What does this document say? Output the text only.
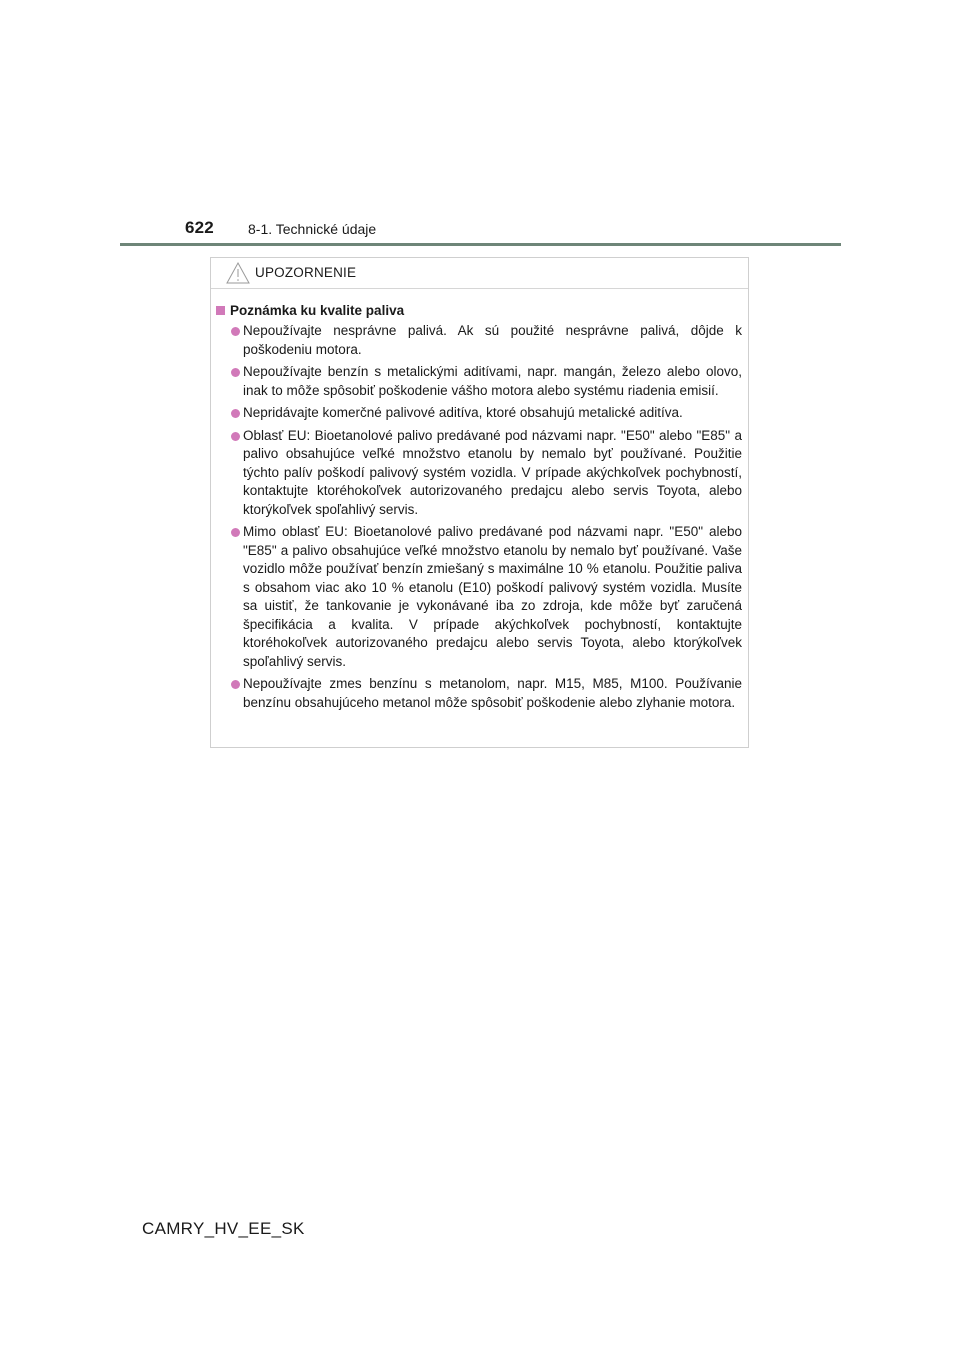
622 8-1. Technické údaje
UPOZORNENIE
Poznámka ku kvalite paliva
Nepoužívajte nesprávne palivá. Ak sú použité nesprávne palivá, dôjde k poškodeniu motora.
Nepoužívajte benzín s metalickými aditívami, napr. mangán, železo alebo olovo, inak to môže spôsobiť poškodenie vášho motora alebo systému riadenia emisií.
Nepridávajte komerčné palivové aditíva, ktoré obsahujú metalické aditíva.
Oblasť EU: Bioetanolové palivo predávané pod názvami napr. "E50" alebo "E85" a palivo obsahujúce veľké množstvo etanolu by nemalo byť používané. Použitie týchto palív poškodí palivový systém vozidla. V prípade akýchkoľvek pochybností, kontaktujte ktoréhokoľvek autorizovaného predajcu alebo servis Toyota, alebo ktorýkoľvek spoľahlivý servis.
Mimo oblasť EU: Bioetanolové palivo predávané pod názvami napr. "E50" alebo "E85" a palivo obsahujúce veľké množstvo etanolu by nemalo byť používané. Vaše vozidlo môže používať benzín zmiešaný s maximálne 10 % etanolu. Použitie paliva s obsahom viac ako 10 % etanolu (E10) poškodí palivový systém vozidla. Musíte sa uistiť, že tankovanie je vykonávané iba zo zdroja, kde môže byť zaručená špecifikácia a kvalita. V prípade akýchkoľvek pochybností, kontaktujte ktoréhokoľvek autorizovaného predajcu alebo servis Toyota, alebo ktorýkoľvek spoľahlivý servis.
Nepoužívajte zmes benzínu s metanolom, napr. M15, M85, M100. Používanie benzínu obsahujúceho metanol môže spôsobiť poškodenie alebo zlyhanie motora.
CAMRY_HV_EE_SK
